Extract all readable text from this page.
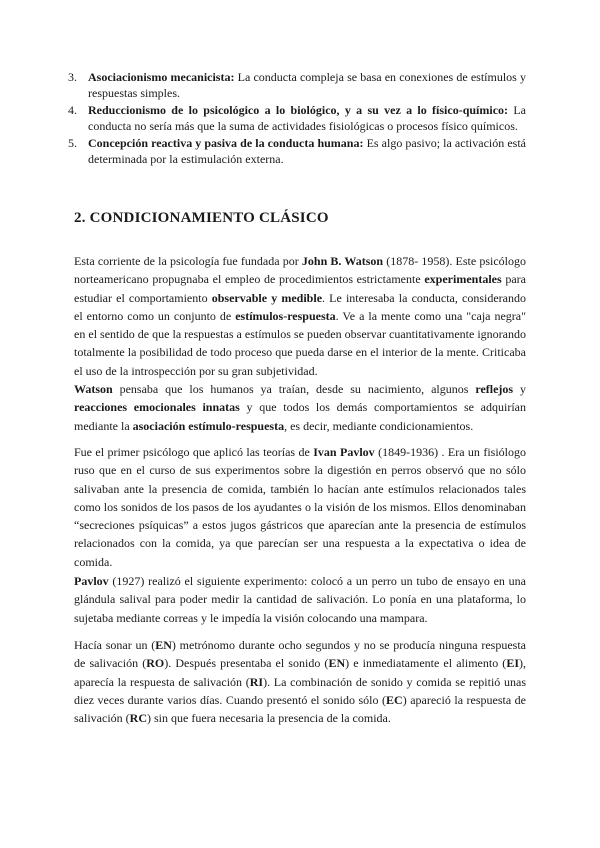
3. Asociacionismo mecanicista: La conducta compleja se basa en conexiones de estímulos y respuestas simples.
4. Reduccionismo de lo psicológico a lo biológico, y a su vez a lo físico-químico: La conducta no sería más que la suma de actividades fisiológicas o procesos físico químicos.
5. Concepción reactiva y pasiva de la conducta humana: Es algo pasivo; la activación está determinada por la estimulación externa.
2. CONDICIONAMIENTO CLÁSICO

Esta corriente de la psicología fue fundada por John B. Watson (1878- 1958). Este psicólogo norteamericano propugnaba el empleo de procedimientos estrictamente experimentales para estudiar el comportamiento observable y medible. Le interesaba la conducta, considerando el entorno como un conjunto de estímulos-respuesta. Ve a la mente como una "caja negra" en el sentido de que la respuestas a estímulos se pueden observar cuantitativamente ignorando totalmente la posibilidad de todo proceso que pueda darse en el interior de la mente. Criticaba el uso de la introspección por su gran subjetividad.

Watson pensaba que los humanos ya traían, desde su nacimiento, algunos reflejos y reacciones emocionales innatas y que todos los demás comportamientos se adquirían mediante la asociación estímulo-respuesta, es decir, mediante condicionamientos.

Fue el primer psicólogo que aplicó las teorías de Ivan Pavlov (1849-1936) . Era un fisiólogo ruso que en el curso de sus experimentos sobre la digestión en perros observó que no sólo salivaban ante la presencia de comida, también lo hacían ante estímulos relacionados tales como los sonidos de los pasos de los ayudantes o la visión de los mismos. Ellos denominaban “secreciones psíquicas” a estos jugos gástricos que aparecían ante la presencia de estímulos relacionados con la comida, ya que parecían ser una respuesta a la expectativa o idea de comida.

Pavlov (1927) realizó el siguiente experimento: colocó a un perro un tubo de ensayo en una glándula salival para poder medir la cantidad de salivación. Lo ponía en una plataforma, lo sujetaba mediante correas y le impedía la visión colocando una mampara.

Hacía sonar un (EN) metrónomo durante ocho segundos y no se producía ninguna respuesta de salivación (RO). Después presentaba el sonido (EN) e inmediatamente el alimento (EI), aparecía la respuesta de salivación (RI). La combinación de sonido y comida se repitió unas diez veces durante varios días. Cuando presentó el sonido sólo (EC) apareció la respuesta de salivación (RC) sin que fuera necesaria la presencia de la comida.
